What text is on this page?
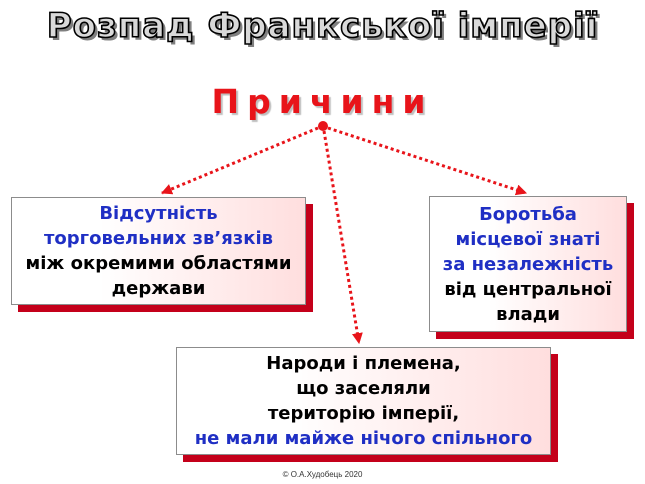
Розпад Франкської імперії
Причини
Відсутність
торговельних зв’язків
між окремими областями
держави
Боротьба
місцевої знаті
за незалежність
від центральної
влади
Народи і племена,
що заселяли
територію імперії,
не мали майже нічого спільного
© О.А.Худобець 2020
